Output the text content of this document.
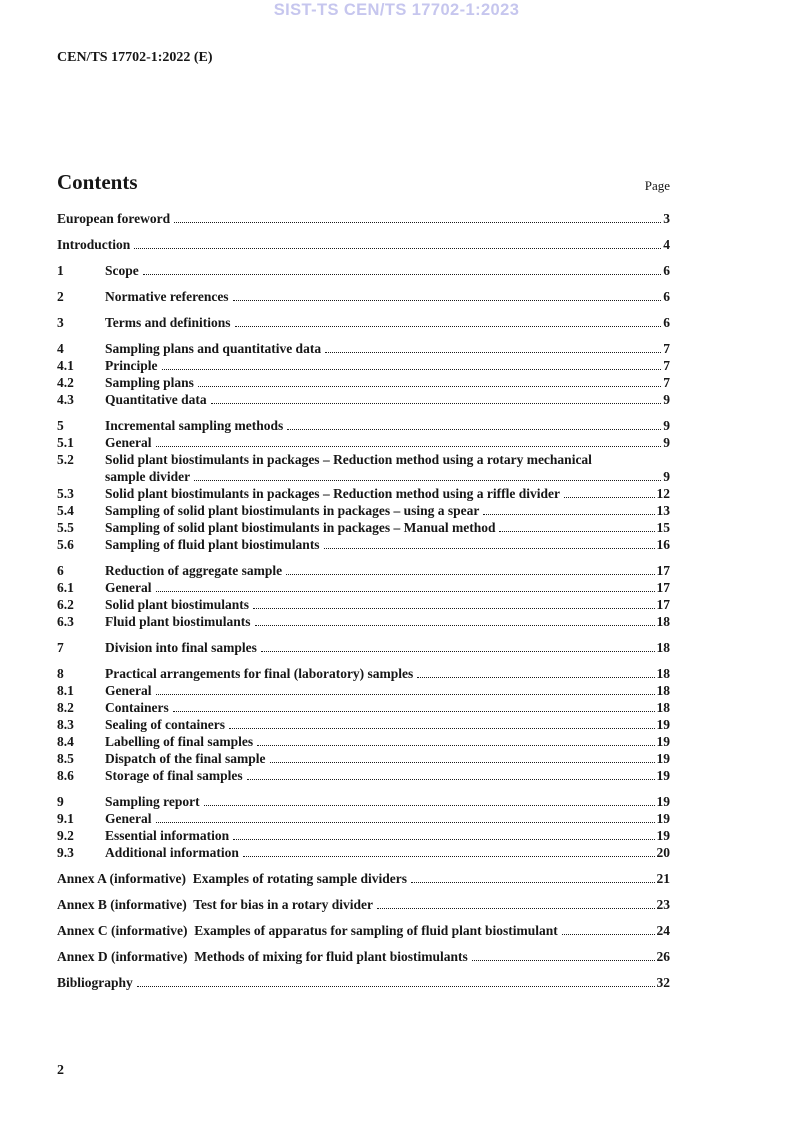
SIST-TS CEN/TS 17702-1:2023
CEN/TS 17702-1:2022 (E)
Contents	Page
European foreword	3
Introduction	4
1	Scope	6
2	Normative references	6
3	Terms and definitions	6
4	Sampling plans and quantitative data	7
4.1	Principle	7
4.2	Sampling plans	7
4.3	Quantitative data	9
5	Incremental sampling methods	9
5.1	General	9
5.2	Solid plant biostimulants in packages – Reduction method using a rotary mechanical
sample divider	9
5.3	Solid plant biostimulants in packages – Reduction method using a riffle divider	12
5.4	Sampling of solid plant biostimulants in packages – using a spear	13
5.5	Sampling of solid plant biostimulants in packages – Manual method	15
5.6	Sampling of fluid plant biostimulants	16
6	Reduction of aggregate sample	17
6.1	General	17
6.2	Solid plant biostimulants	17
6.3	Fluid plant biostimulants	18
7	Division into final samples	18
8	Practical arrangements for final (laboratory) samples	18
8.1	General	18
8.2	Containers	18
8.3	Sealing of containers	19
8.4	Labelling of final samples	19
8.5	Dispatch of the final sample	19
8.6	Storage of final samples	19
9	Sampling report	19
9.1	General	19
9.2	Essential information	19
9.3	Additional information	20
Annex A (informative)  Examples of rotating sample dividers	21
Annex B (informative)  Test for bias in a rotary divider	23
Annex C (informative)  Examples of apparatus for sampling of fluid plant biostimulant	24
Annex D (informative)  Methods of mixing for fluid plant biostimulants	26
Bibliography	32
2
